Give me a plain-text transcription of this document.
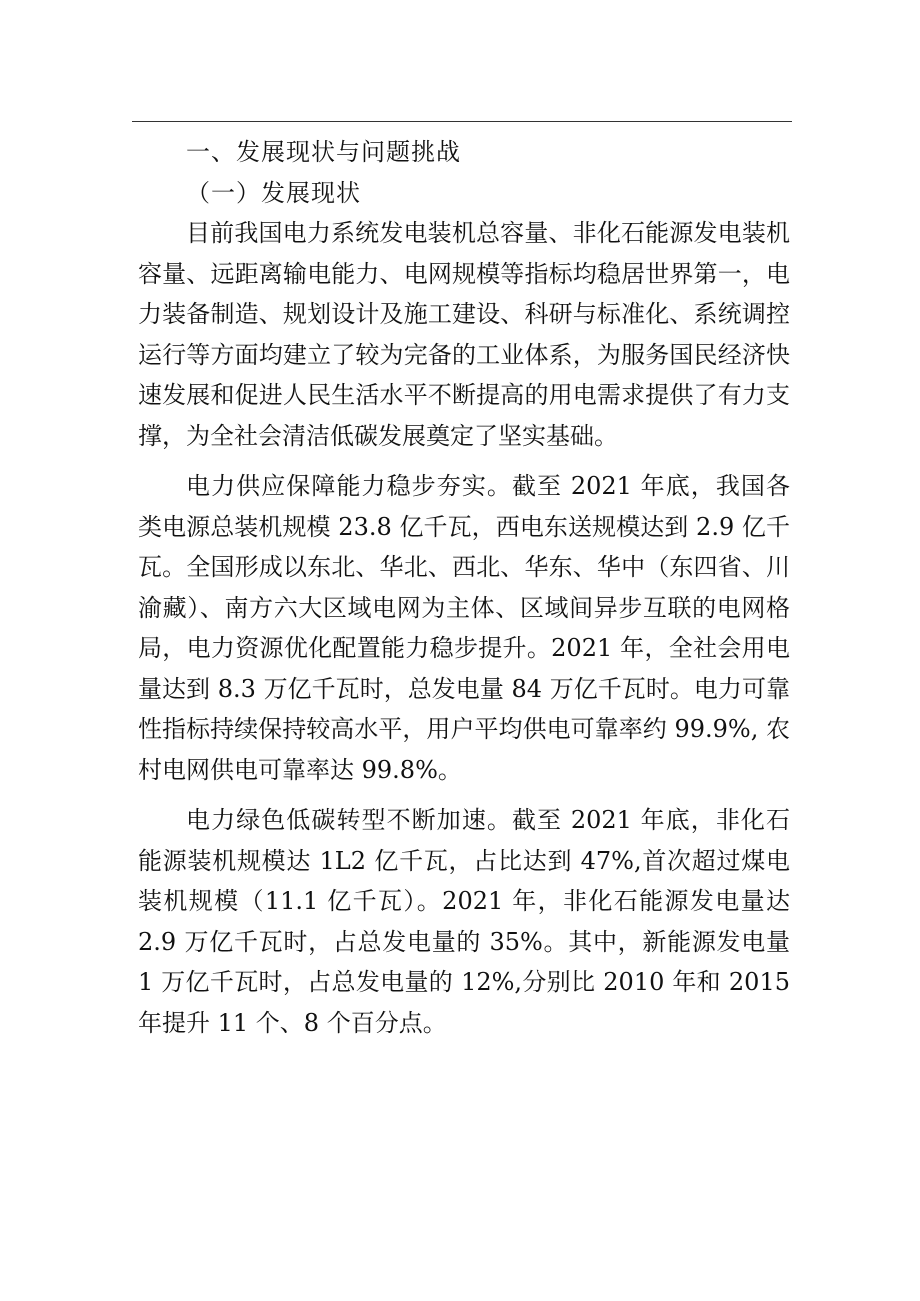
一、发展现状与问题挑战

（一）发展现状

目前我国电力系统发电装机总容量、非化石能源发电装机容量、远距离输电能力、电网规模等指标均稳居世界第一，电力装备制造、规划设计及施工建设、科研与标准化、系统调控运行等方面均建立了较为完备的工业体系，为服务国民经济快速发展和促进人民生活水平不断提高的用电需求提供了有力支撑，为全社会清洁低碳发展奠定了坚实基础。

电力供应保障能力稳步夯实。截至 2021 年底，我国各类电源总装机规模 23.8 亿千瓦，西电东送规模达到 2.9 亿千瓦。全国形成以东北、华北、西北、华东、华中（东四省、川渝藏）、南方六大区域电网为主体、区域间异步互联的电网格局，电力资源优化配置能力稳步提升。2021 年，全社会用电量达到 8.3 万亿千瓦时，总发电量 84 万亿千瓦时。电力可靠性指标持续保持较高水平，用户平均供电可靠率约 99.9%, 农村电网供电可靠率达 99.8%。

电力绿色低碳转型不断加速。截至 2021 年底，非化石能源装机规模达 1L2 亿千瓦，占比达到 47%,首次超过煤电装机规模（11.1 亿千瓦）。2021 年，非化石能源发电量达 2.9 万亿千瓦时，占总发电量的 35%。其中，新能源发电量 1 万亿千瓦时，占总发电量的 12%,分别比 2010 年和 2015 年提升 11 个、8 个百分点。
